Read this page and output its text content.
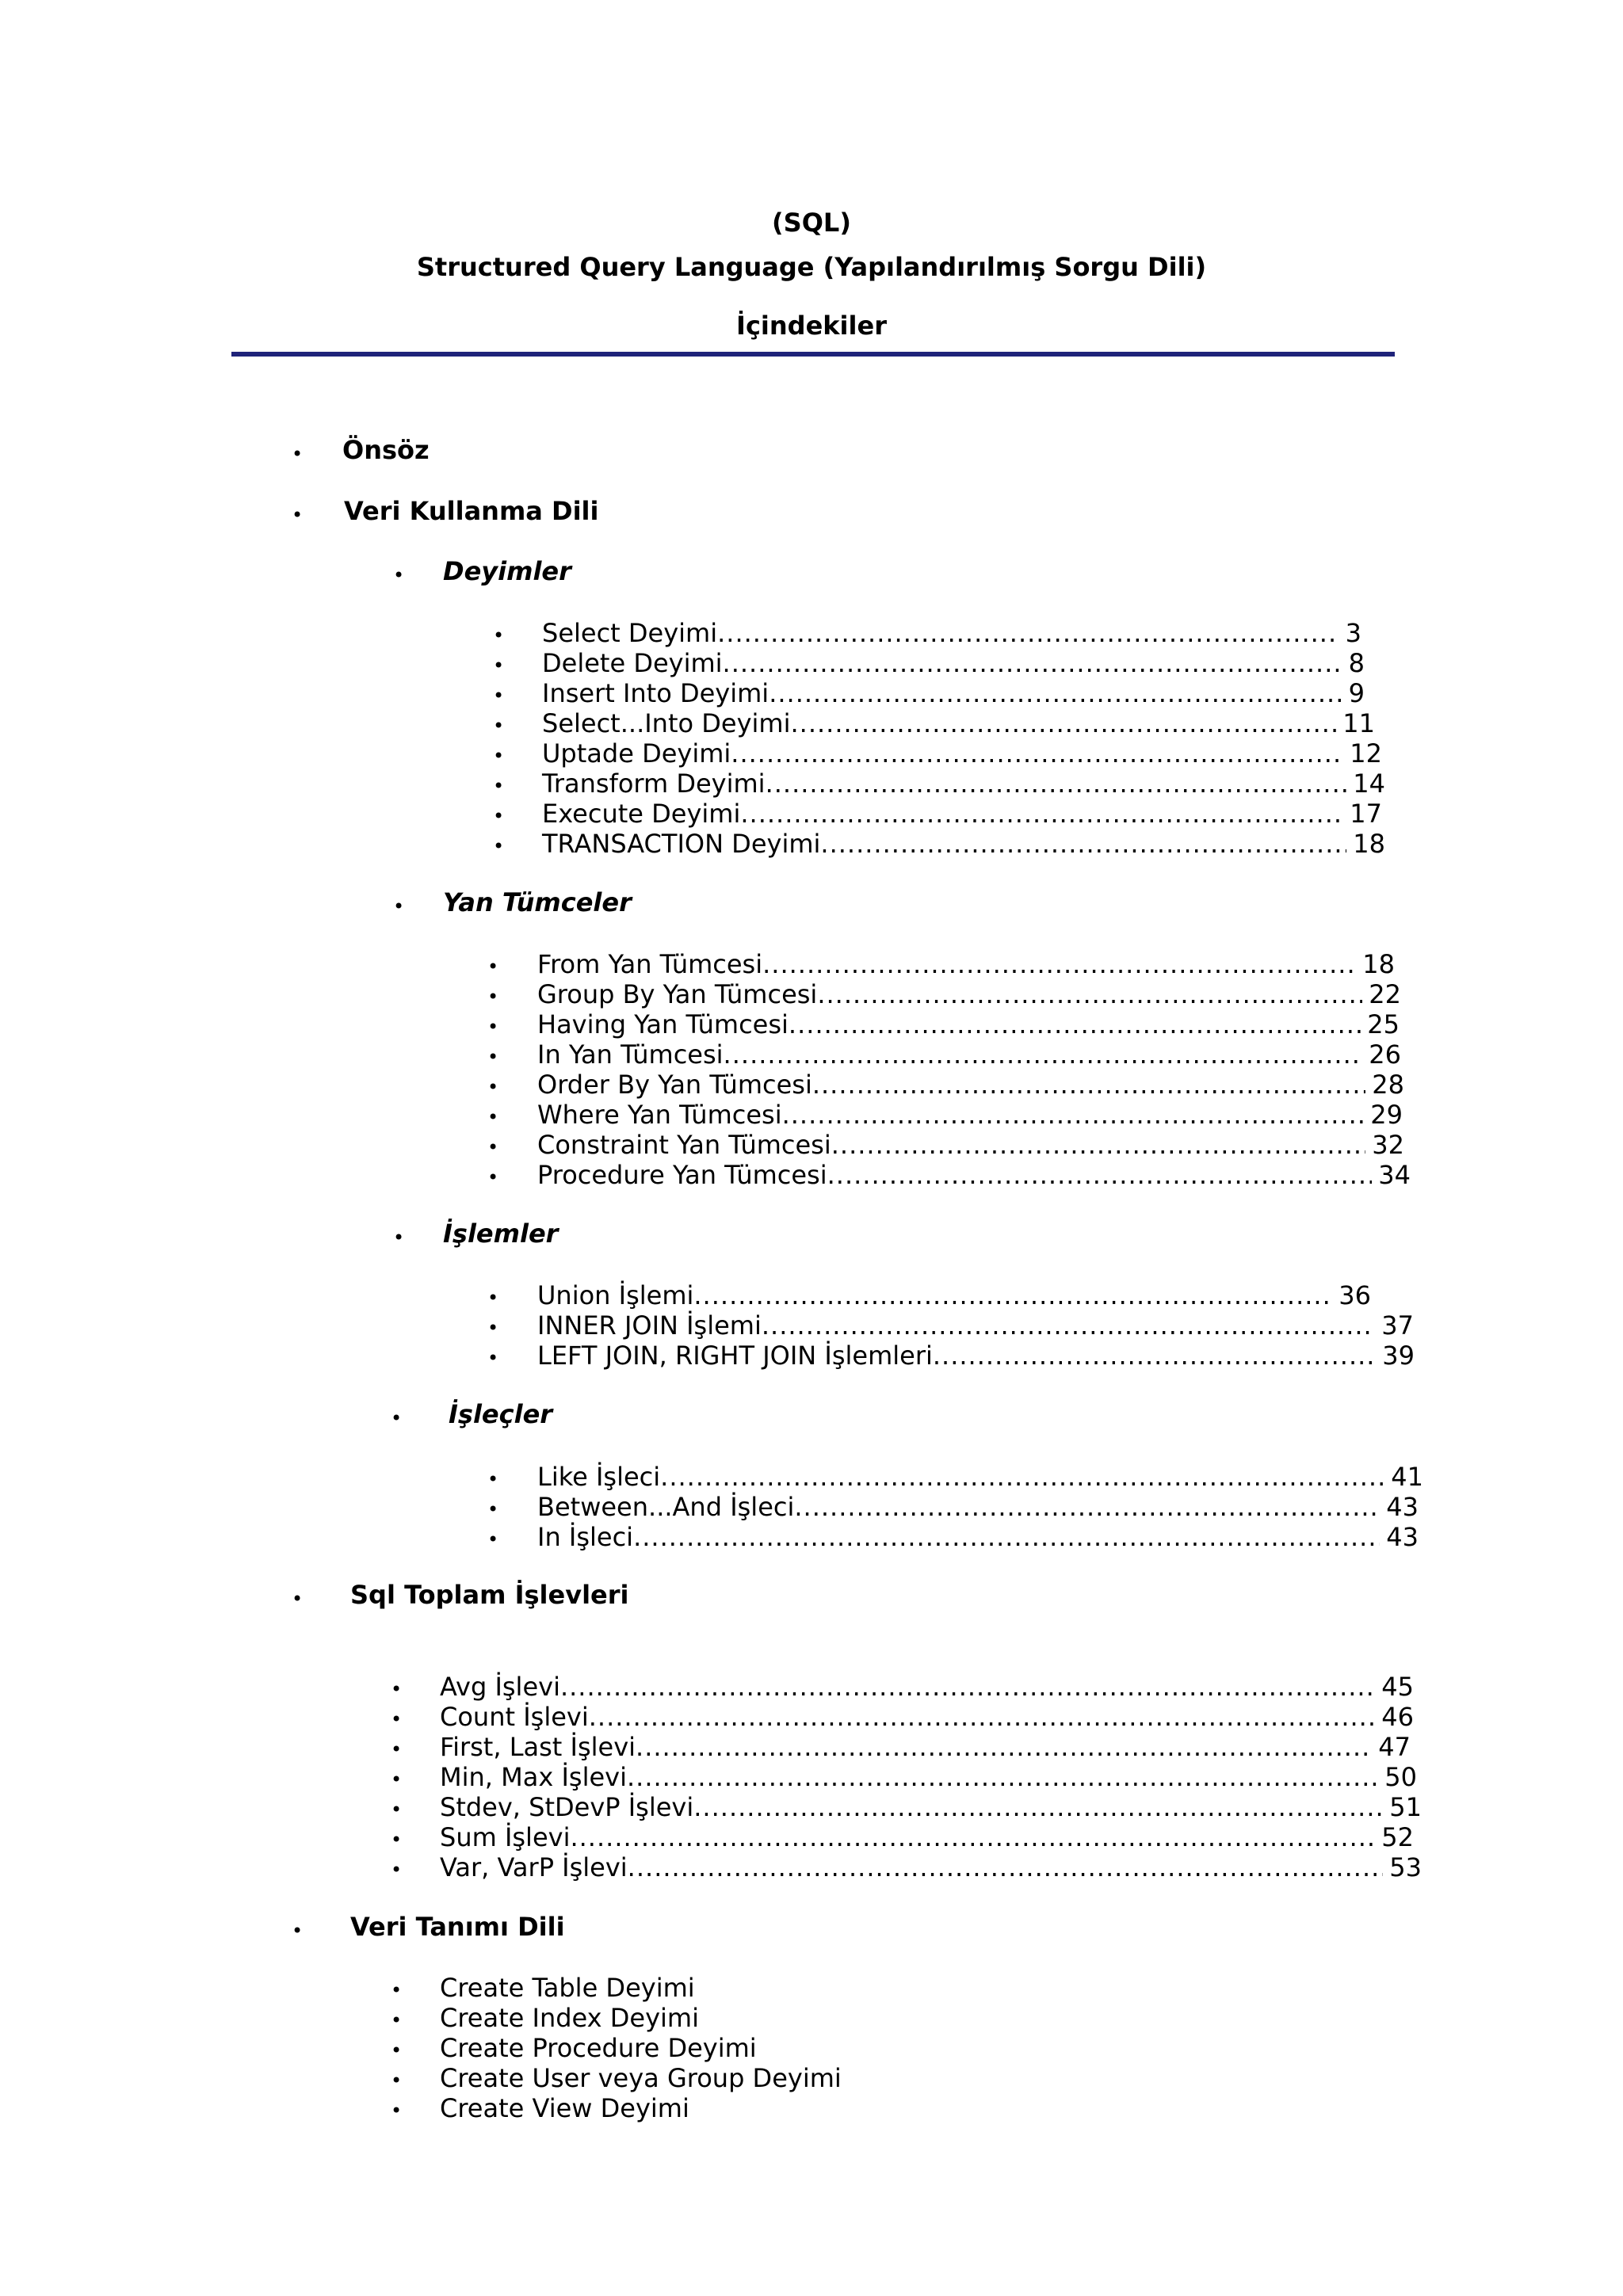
(SQL)
Structured Query Language (Yapılandırılmış Sorgu Dili)
İçindekiler
• Önsöz
• Veri Kullanma Dili
• Deyimler
• Yan Tümceler
• İşlemler
• İşleçler
• Sql Toplam İşlevleri
• Veri Tanımı Dili
• Select Deyimi .....	3
• Delete Deyimi .....	8
• Insert Into Deyimi .....	9
• Select...Into Deyimi .....	11
• Uptade Deyimi .....	12
• Transform Deyimi .....	14
• Execute Deyimi .....	17
• TRANSACTION Deyimi .....	18
• From Yan Tümcesi .....	18
• Group By Yan Tümcesi .....	22
• Having Yan Tümcesi .....	25
• In Yan Tümcesi .....	26
• Order By Yan Tümcesi .....	28
• Where Yan Tümcesi .....	29
• Constraint Yan Tümcesi .....	32
• Procedure Yan Tümcesi .....	34
• Union İşlemi .....	36
• INNER JOIN İşlemi .....	37
• LEFT JOIN, RIGHT JOIN İşlemleri .....	39
• Like İşleci .....	41
• Between...And İşleci .....	43
• In İşleci .....	43
• Avg İşlevi .....	45
• Count İşlevi .....	46
• First, Last İşlevi .....	47
• Min, Max İşlevi .....	50
• Stdev, StDevP İşlevi .....	51
• Sum İşlevi .....	52
• Var, VarP İşlevi .....	53
• Create Table Deyimi
• Create Index Deyimi
• Create Procedure Deyimi
• Create User veya Group Deyimi
• Create View Deyimi
